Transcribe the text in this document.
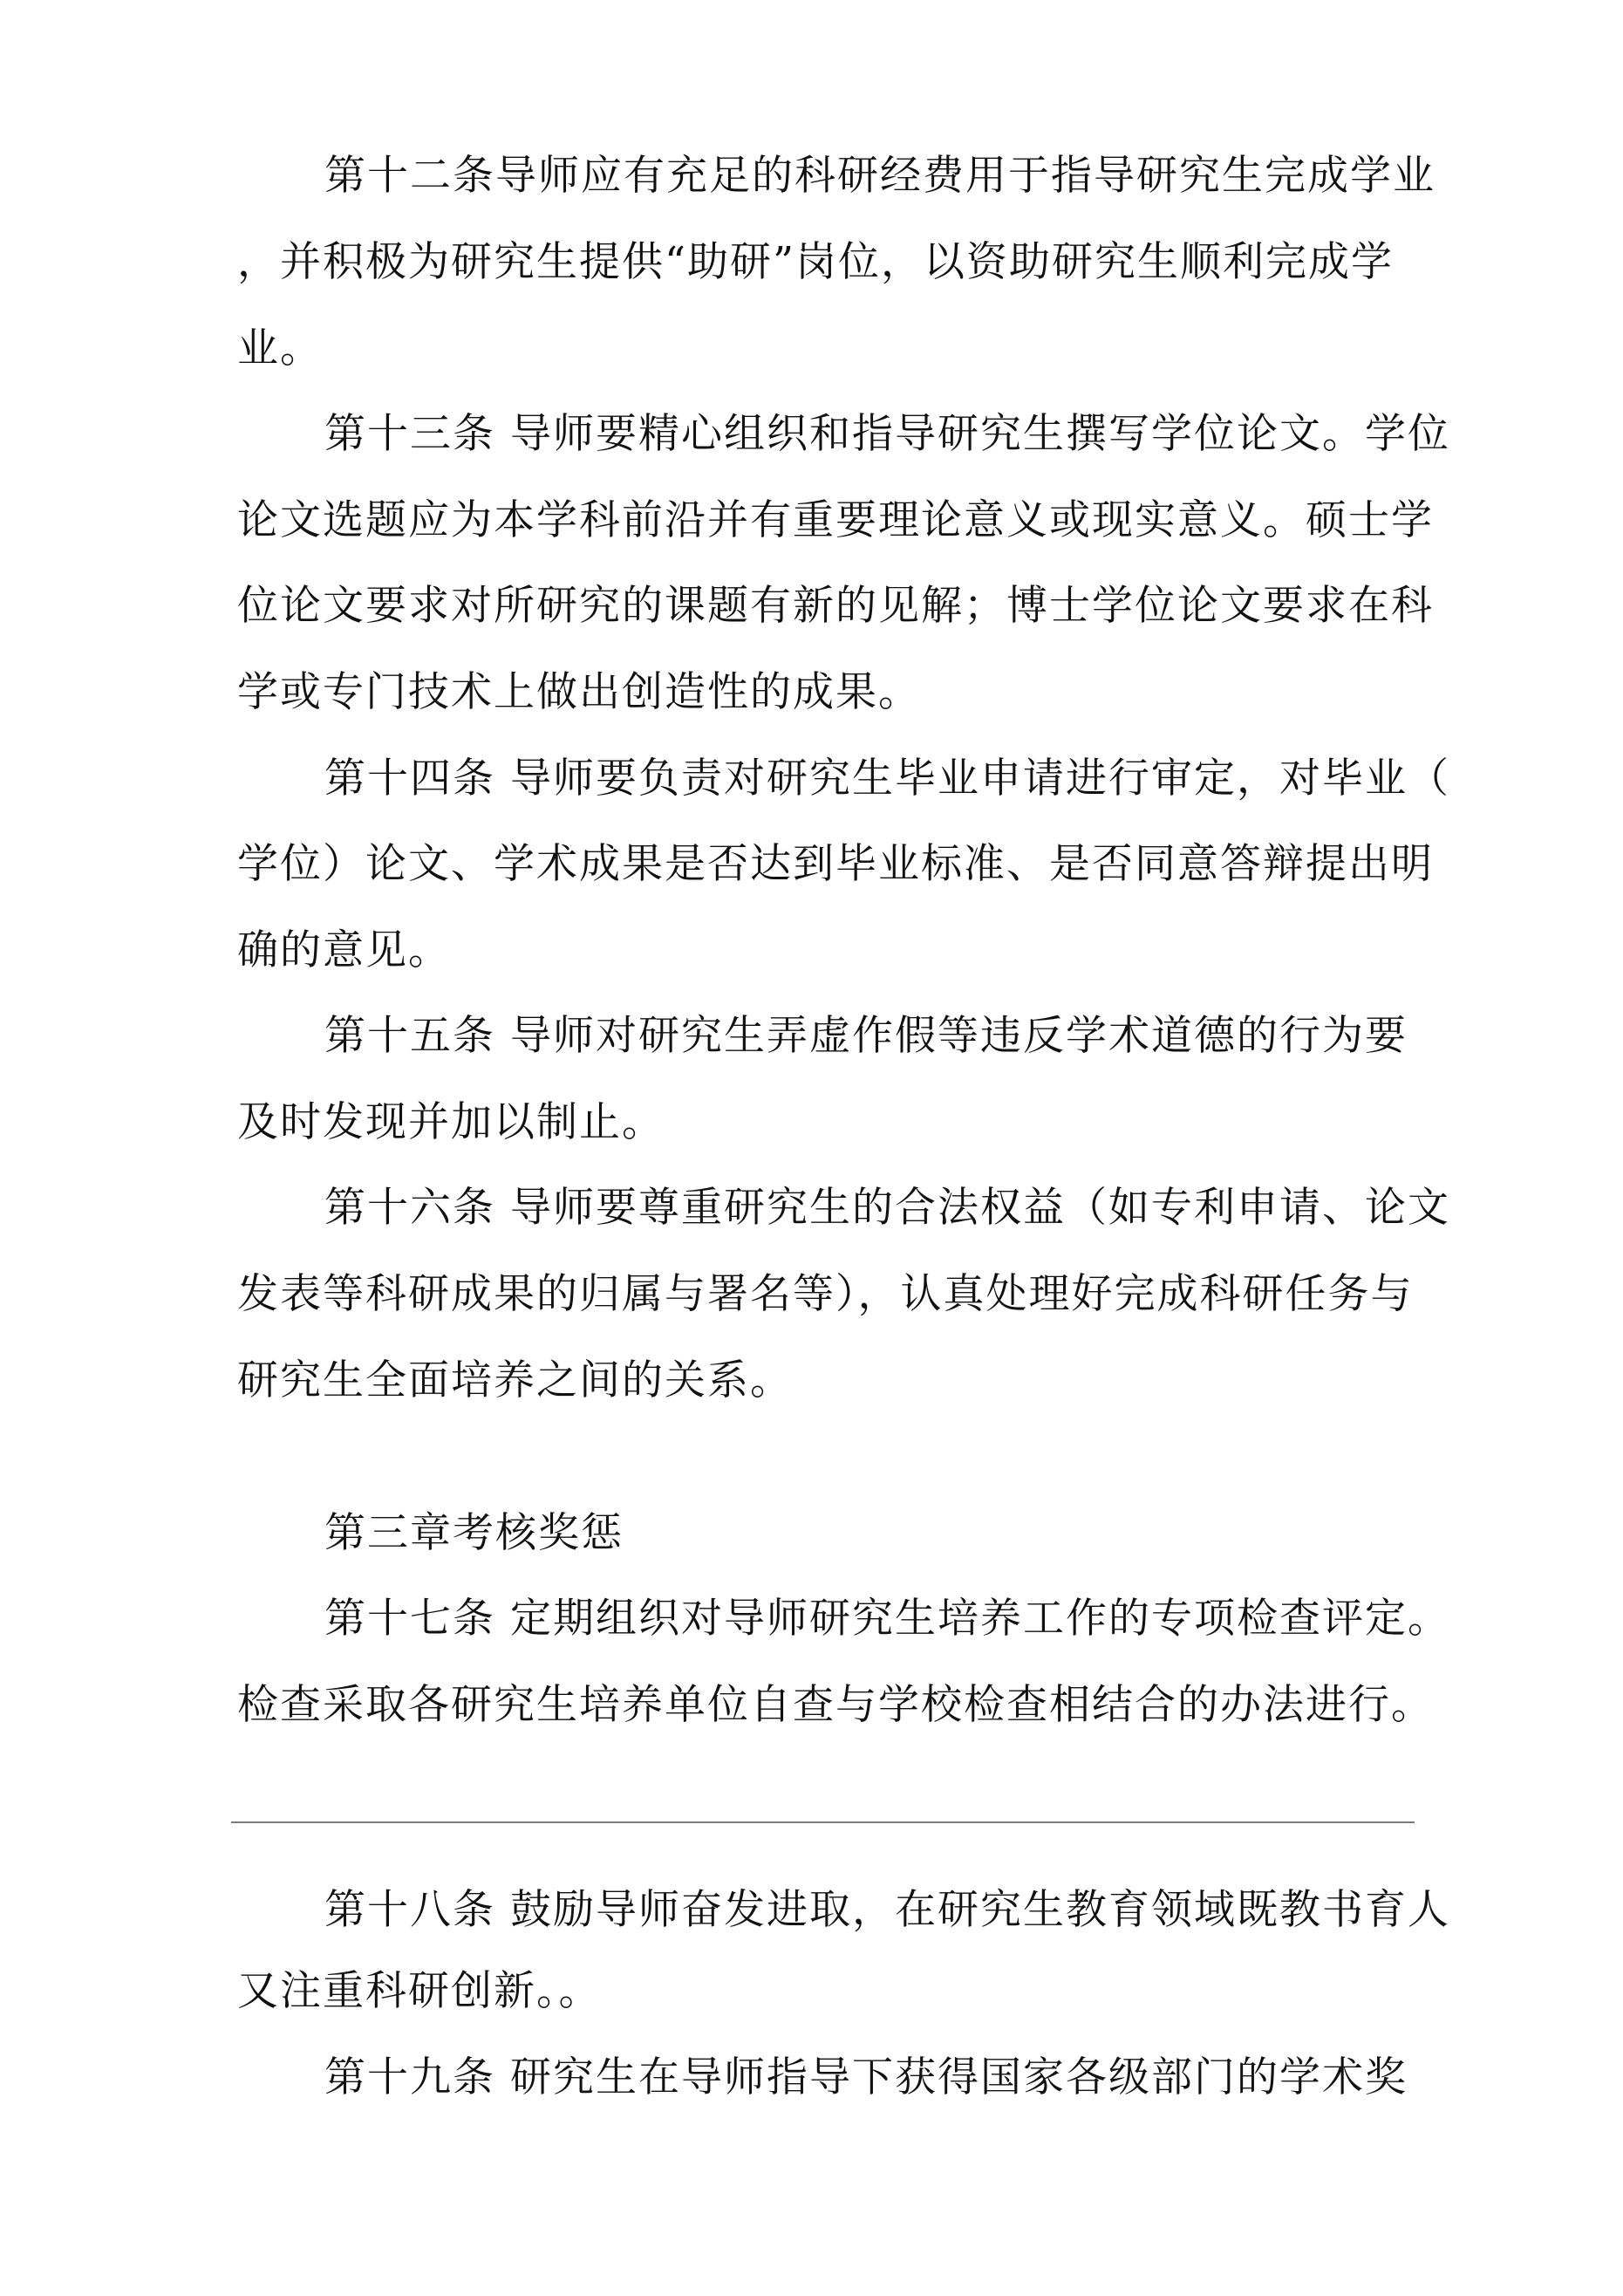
第十二条导师应有充足的科研经费用于指导研究生完成学业
，并积极为研究生提供“助研”岗位，以资助研究生顺利完成学
业。
第十三条 导师要精心组织和指导研究生撰写学位论文。学位
论文选题应为本学科前沿并有重要理论意义或现实意义。硕士学
位论文要求对所研究的课题有新的见解；博士学位论文要求在科
学或专门技术上做出创造性的成果。
第十四条 导师要负责对研究生毕业申请进行审定，对毕业（
学位）论文、学术成果是否达到毕业标准、是否同意答辩提出明
确的意见。
第十五条 导师对研究生弄虚作假等违反学术道德的行为要
及时发现并加以制止。
第十六条 导师要尊重研究生的合法权益（如专利申请、论文
发表等科研成果的归属与署名等），认真处理好完成科研任务与
研究生全面培养之间的关系。
第三章考核奖惩
第十七条 定期组织对导师研究生培养工作的专项检查评定。
检查采取各研究生培养单位自查与学校检查相结合的办法进行。
第十八条 鼓励导师奋发进取，在研究生教育领域既教书育人
又注重科研创新。。
第十九条 研究生在导师指导下获得国家各级部门的学术奖
